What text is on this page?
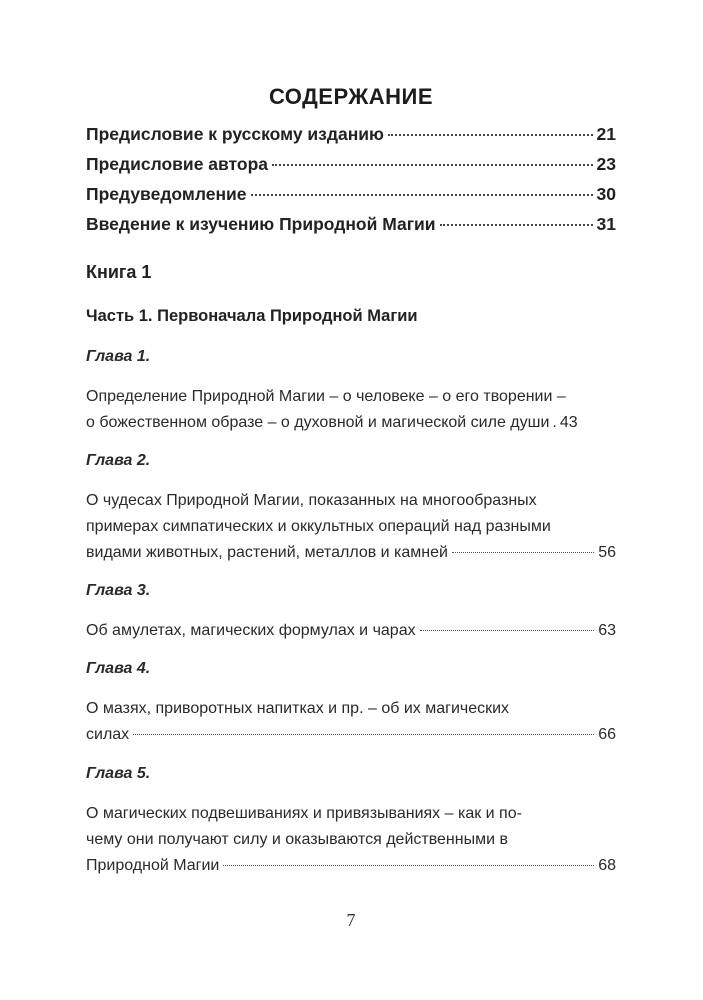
СОДЕРЖАНИЕ
Предисловие к русскому изданию	21
Предисловие автора	23
Предуведомление	30
Введение к изучению Природной Магии	31
Книга 1
Часть 1. Первоначала Природной Магии
Глава 1.
Определение Природной Магии – о человеке – о его творении –
о божественном образе – о духовной и магической силе души . 43
Глава 2.
О чудесах Природной Магии, показанных на многообразных
примерах симпатических и оккультных операций над разными
видами животных, растений, металлов и камней	56
Глава 3.
Об амулетах, магических формулах и чарах	63
Глава 4.
О мазях, приворотных напитках и пр. – об их магических
силах	66
Глава 5.
О магических подвешиваниях и привязываниях – как и по-
чему они получают силу и оказываются действенными в
Природной Магии	68
7
